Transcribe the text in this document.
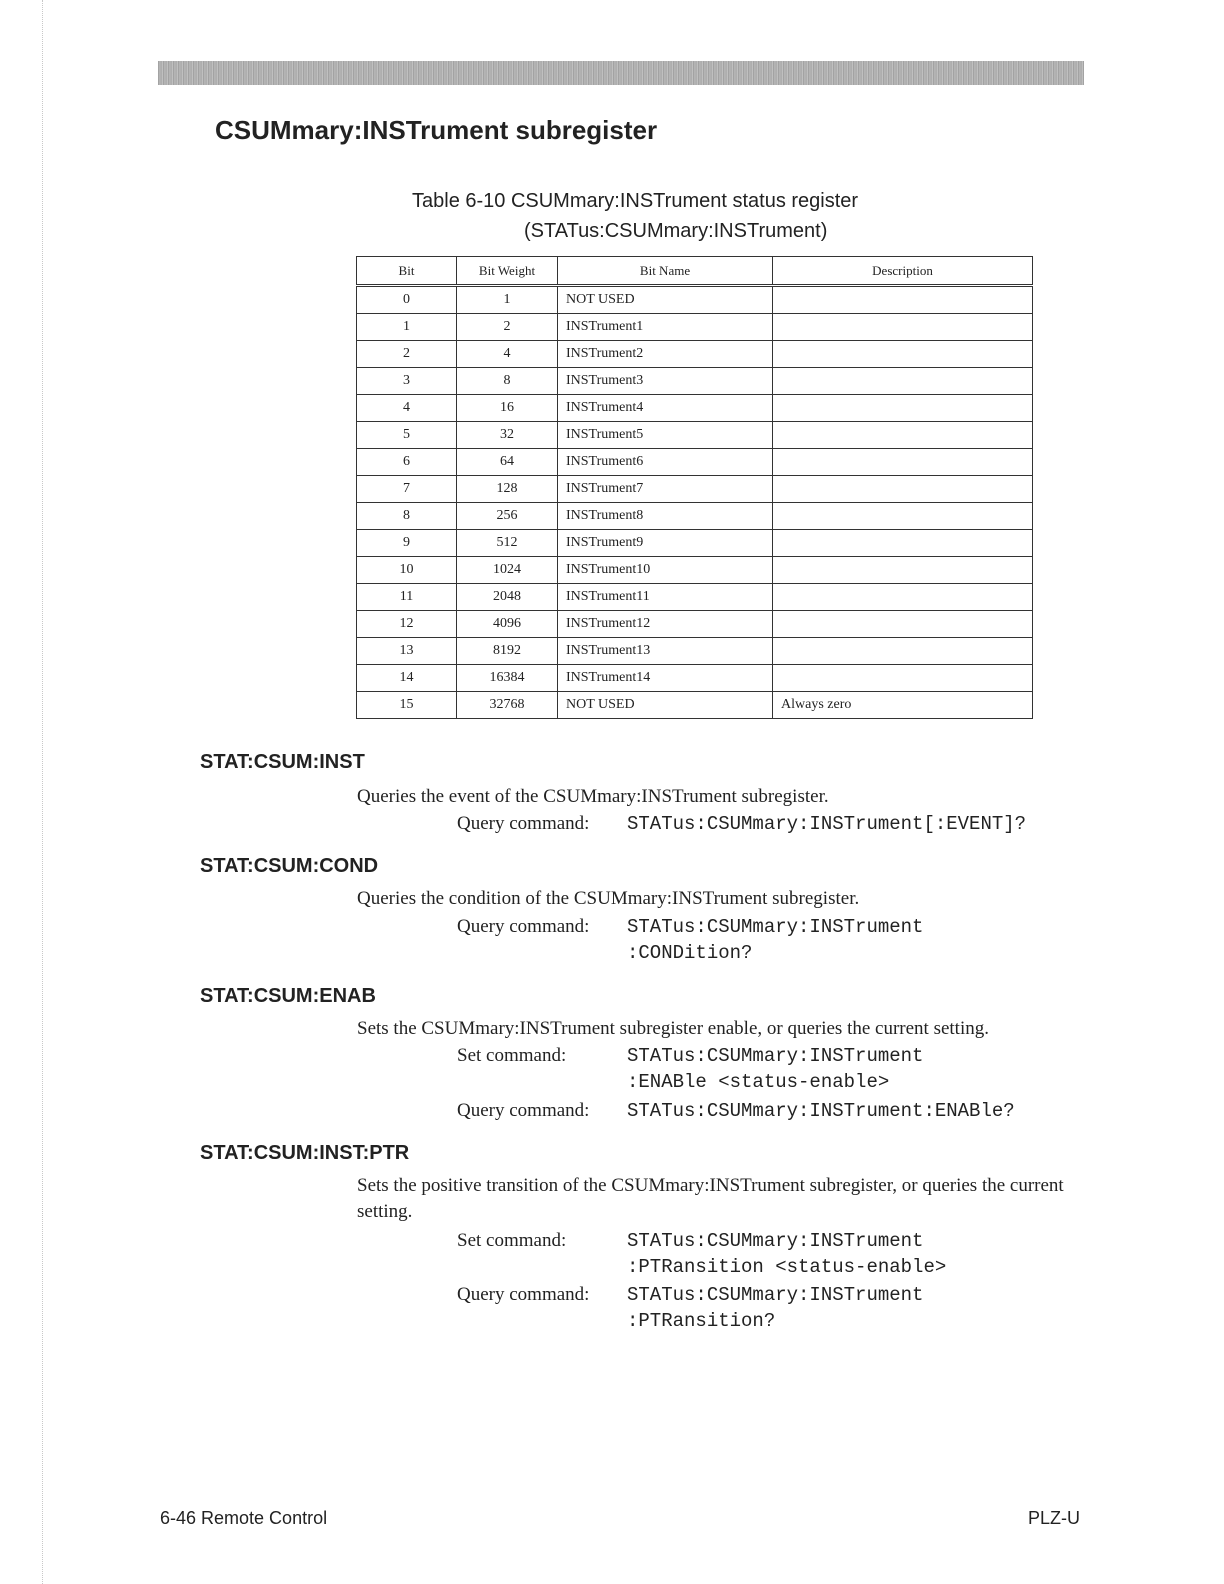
CSUMmary:INSTrument subregister
Table 6-10 CSUMmary:INSTrument status register
(STATus:CSUMmary:INSTrument)
Bit	Bit Weight	Bit Name	Description
0	1	NOT USED	
1	2	INSTrument1	
2	4	INSTrument2	
3	8	INSTrument3	
4	16	INSTrument4	
5	32	INSTrument5	
6	64	INSTrument6	
7	128	INSTrument7	
8	256	INSTrument8	
9	512	INSTrument9	
10	1024	INSTrument10	
11	2048	INSTrument11	
12	4096	INSTrument12	
13	8192	INSTrument13	
14	16384	INSTrument14	
15	32768	NOT USED	Always zero
STAT:CSUM:INST

Queries the event of the CSUMmary:INSTrument subregister.

Query command: STATus:CSUMmary:INSTrument[:EVENT]?
STAT:CSUM:COND

Queries the condition of the CSUMmary:INSTrument subregister.

Query command: STATus:CSUMmary:INSTrument
:CONDition?
STAT:CSUM:ENAB

Sets the CSUMmary:INSTrument subregister enable, or queries the current setting.

Set command:	STATus:CSUMmary:INSTrument
:ENABle <status-enable>
Query command: STATus:CSUMmary:INSTrument:ENABle?
STAT:CSUM:INST:PTR

Sets the positive transition of the CSUMmary:INSTrument subregister, or queries the current setting.

Set command:	STATus:CSUMmary:INSTrument
:PTRansition <status-enable>
Query command: STATus:CSUMmary:INSTrument
:PTRansition?
6-46 Remote Control	PLZ-U
